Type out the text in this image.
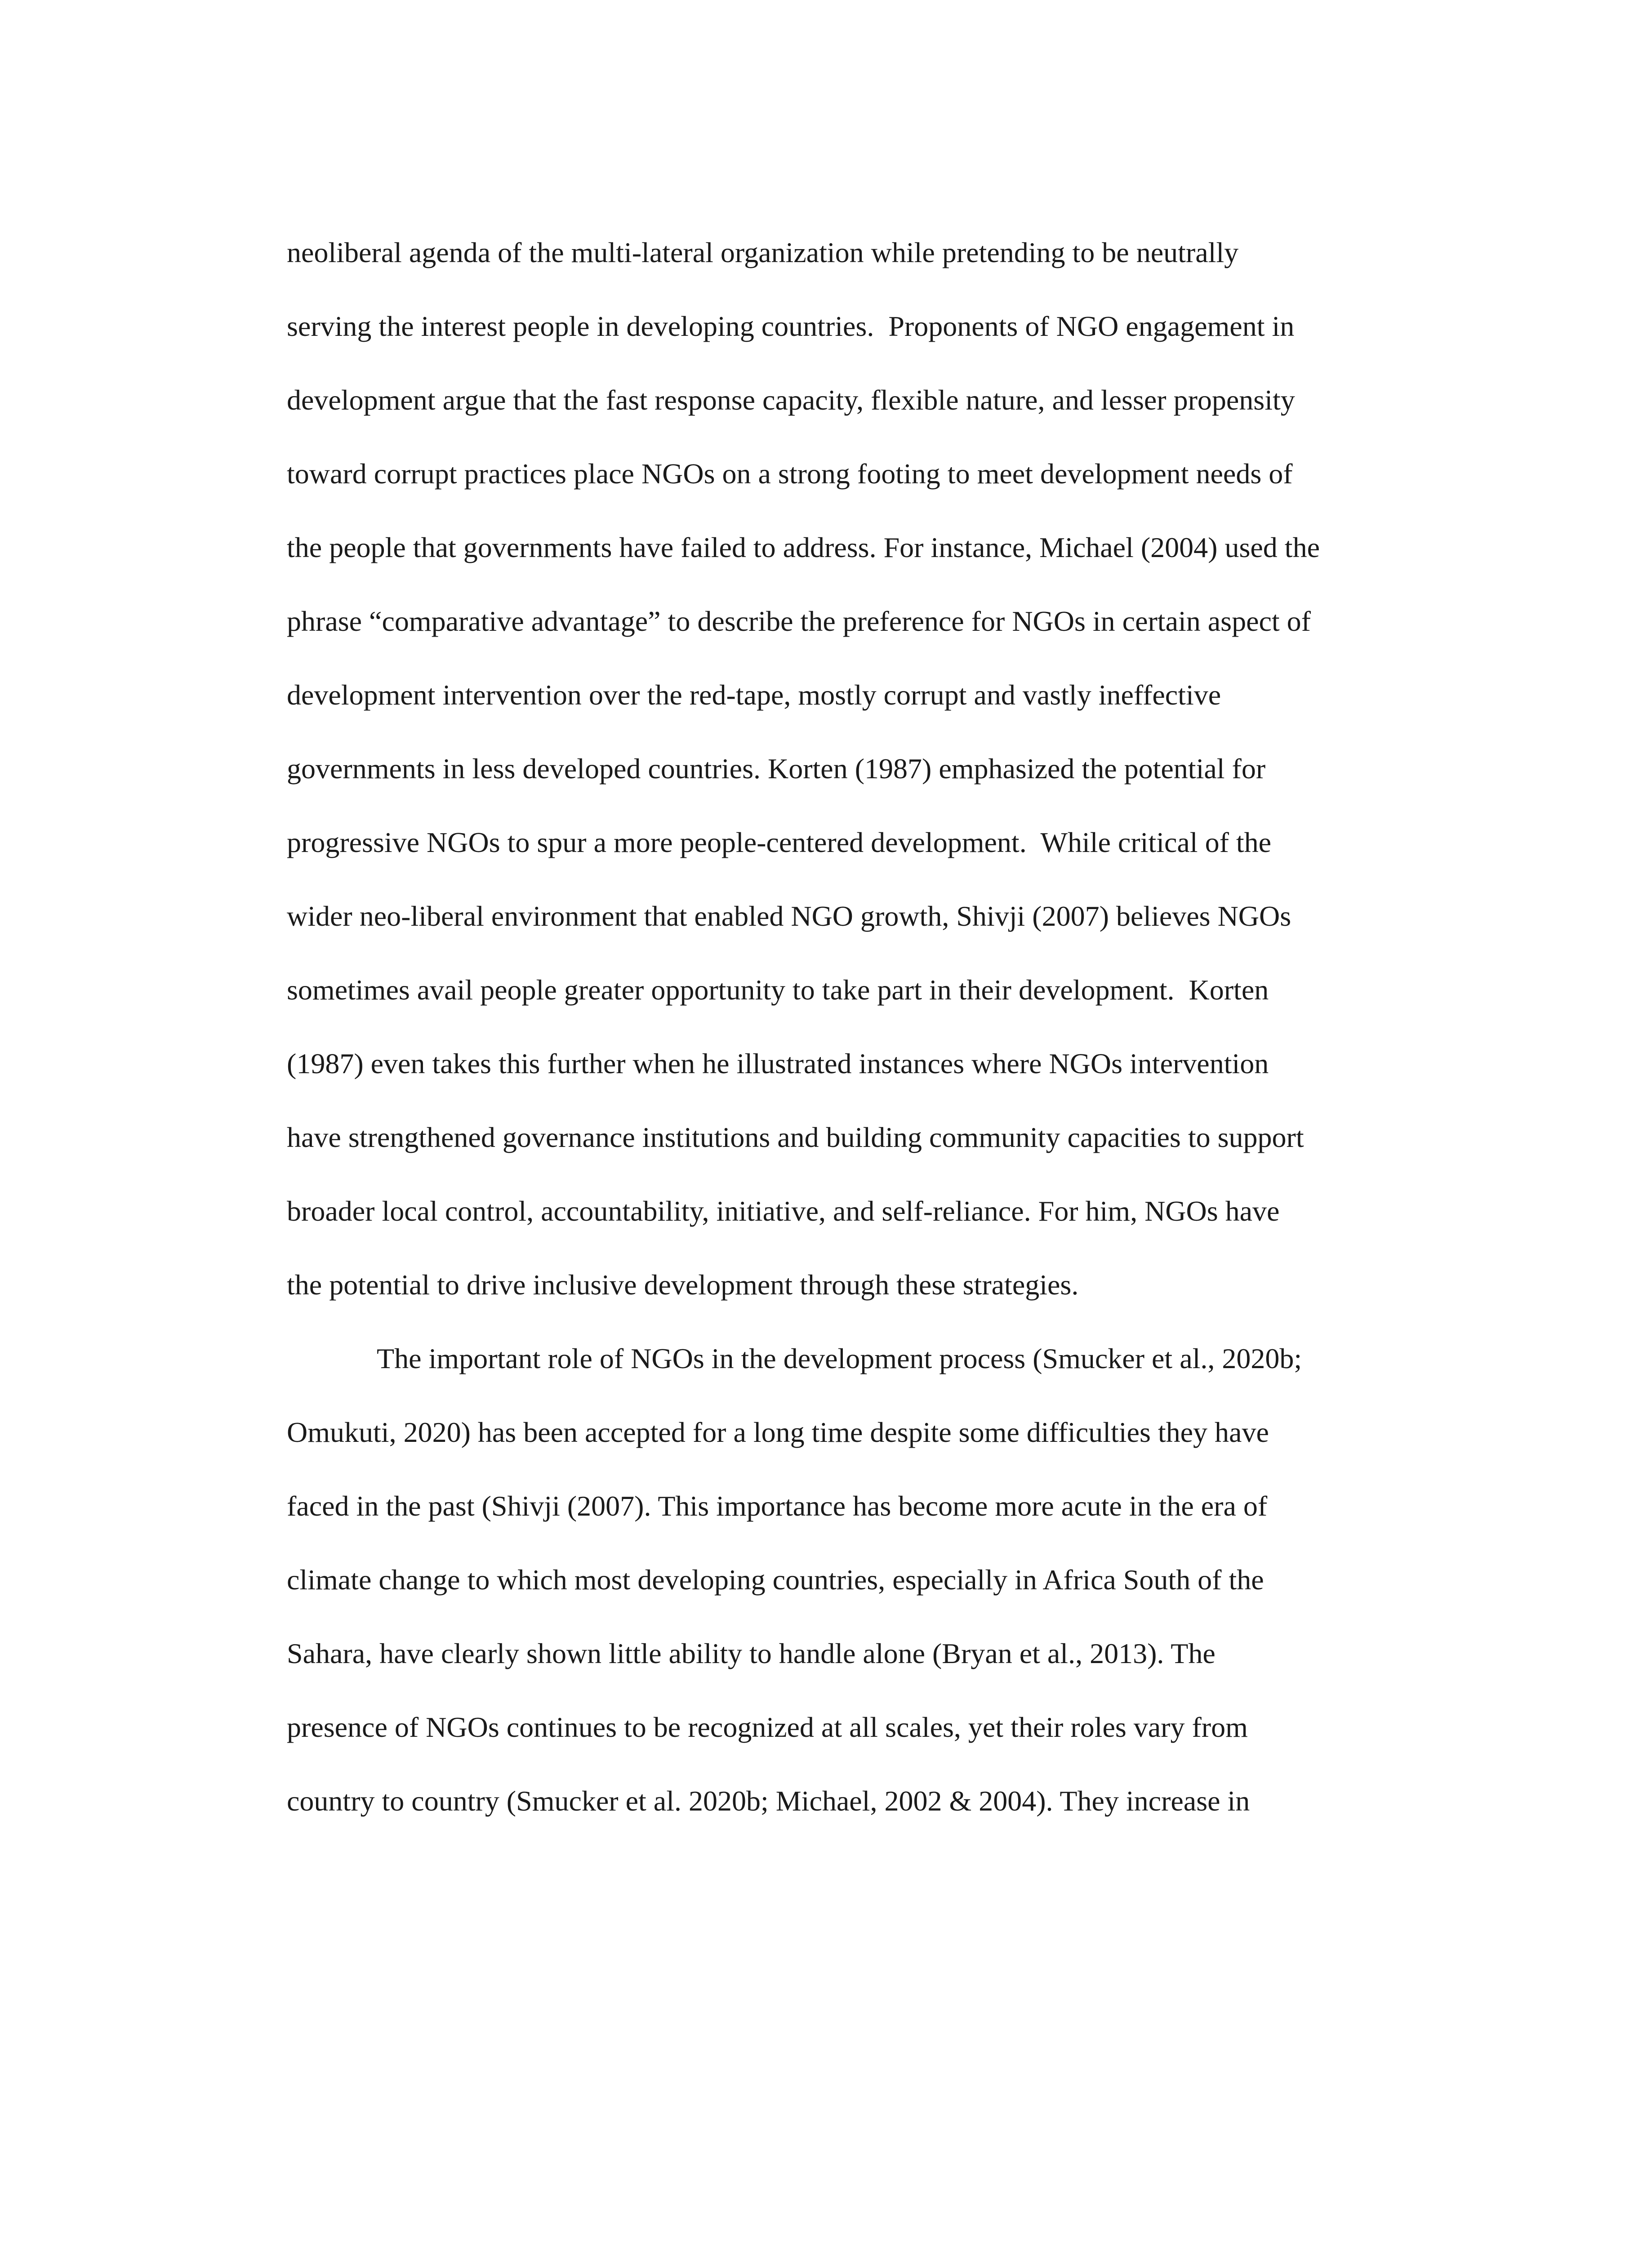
neoliberal agenda of the multi-lateral organization while pretending to be neutrally
serving the interest people in developing countries.  Proponents of NGO engagement in
development argue that the fast response capacity, flexible nature, and lesser propensity
toward corrupt practices place NGOs on a strong footing to meet development needs of
the people that governments have failed to address. For instance, Michael (2004) used the
phrase “comparative advantage” to describe the preference for NGOs in certain aspect of
development intervention over the red-tape, mostly corrupt and vastly ineffective
governments in less developed countries. Korten (1987) emphasized the potential for
progressive NGOs to spur a more people-centered development.  While critical of the
wider neo-liberal environment that enabled NGO growth, Shivji (2007) believes NGOs
sometimes avail people greater opportunity to take part in their development.  Korten
(1987) even takes this further when he illustrated instances where NGOs intervention
have strengthened governance institutions and building community capacities to support
broader local control, accountability, initiative, and self-reliance. For him, NGOs have
the potential to drive inclusive development through these strategies.
The important role of NGOs in the development process (Smucker et al., 2020b;
Omukuti, 2020) has been accepted for a long time despite some difficulties they have
faced in the past (Shivji (2007). This importance has become more acute in the era of
climate change to which most developing countries, especially in Africa South of the
Sahara, have clearly shown little ability to handle alone (Bryan et al., 2013). The
presence of NGOs continues to be recognized at all scales, yet their roles vary from
country to country (Smucker et al. 2020b; Michael, 2002 & 2004). They increase in
